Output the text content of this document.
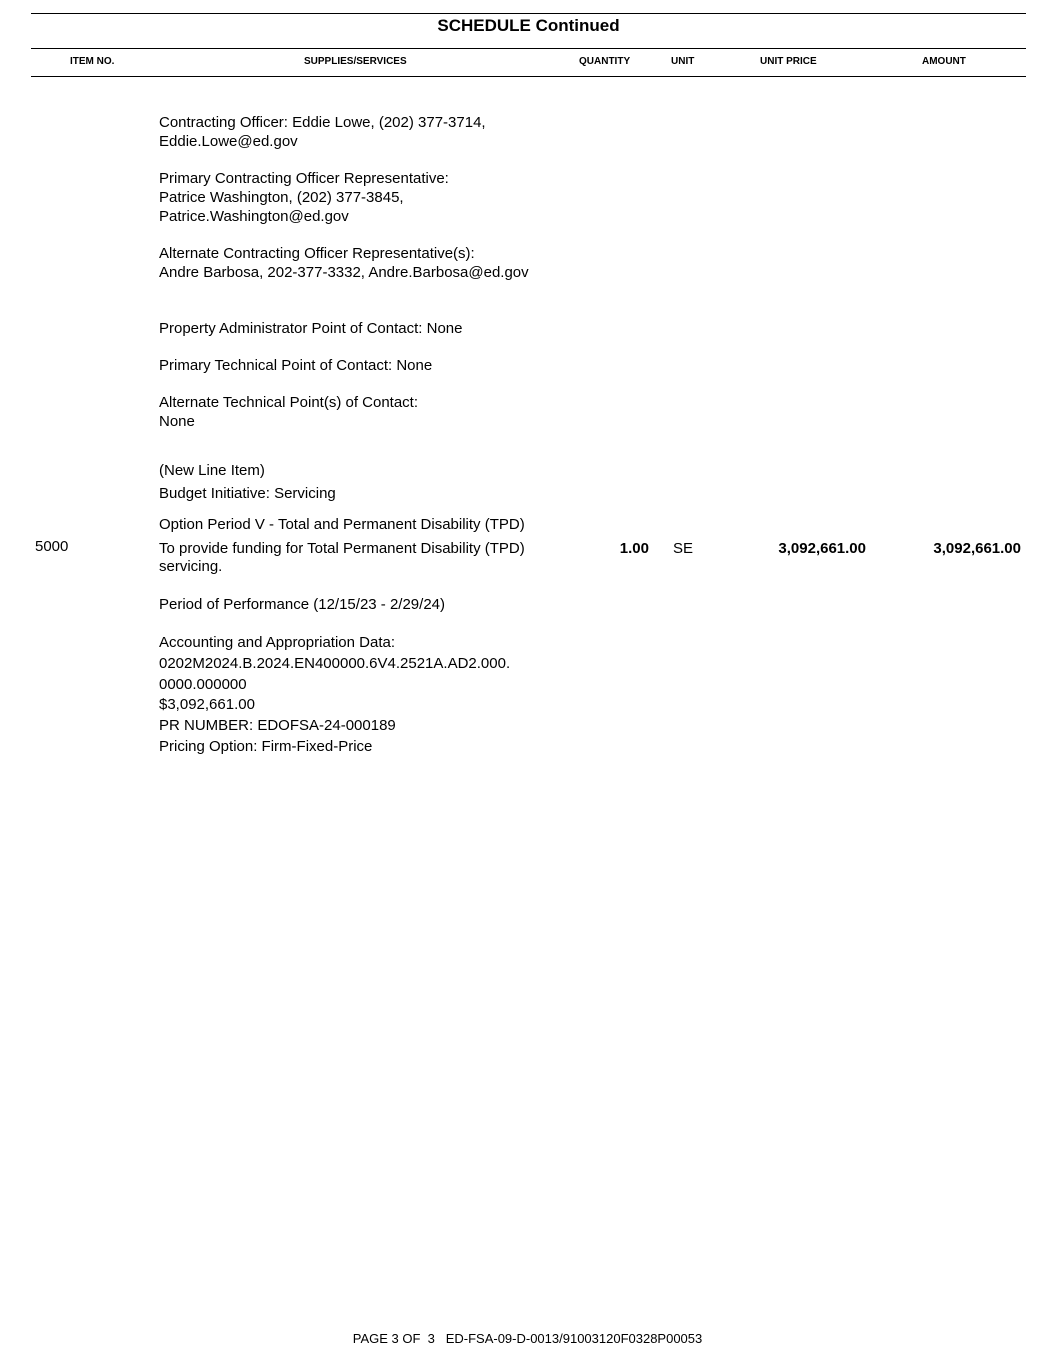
SCHEDULE Continued
ITEM NO.	SUPPLIES/SERVICES	QUANTITY	UNIT	UNIT PRICE	AMOUNT
Contracting Officer: Eddie Lowe, (202) 377-3714,
Eddie.Lowe@ed.gov
Primary Contracting Officer Representative:
Patrice Washington, (202) 377-3845,
Patrice.Washington@ed.gov
Alternate Contracting Officer Representative(s):
Andre Barbosa, 202-377-3332, Andre.Barbosa@ed.gov
Property Administrator Point of Contact: None
Primary Technical Point of Contact: None
Alternate Technical Point(s) of Contact:
None
(New Line Item)
Budget Initiative: Servicing
Option Period V - Total and Permanent Disability (TPD)
5000	To provide funding for Total Permanent Disability (TPD)
servicing.
1.00 SE	3,092,661.00	3,092,661.00
Period of Performance (12/15/23 - 2/29/24)
Accounting and Appropriation Data:
0202M2024.B.2024.EN400000.6V4.2521A.AD2.000.
0000.000000
$3,092,661.00
PR NUMBER: EDOFSA-24-000189
Pricing Option: Firm-Fixed-Price
PAGE 3 OF  3   ED-FSA-09-D-0013/91003120F0328P00053
